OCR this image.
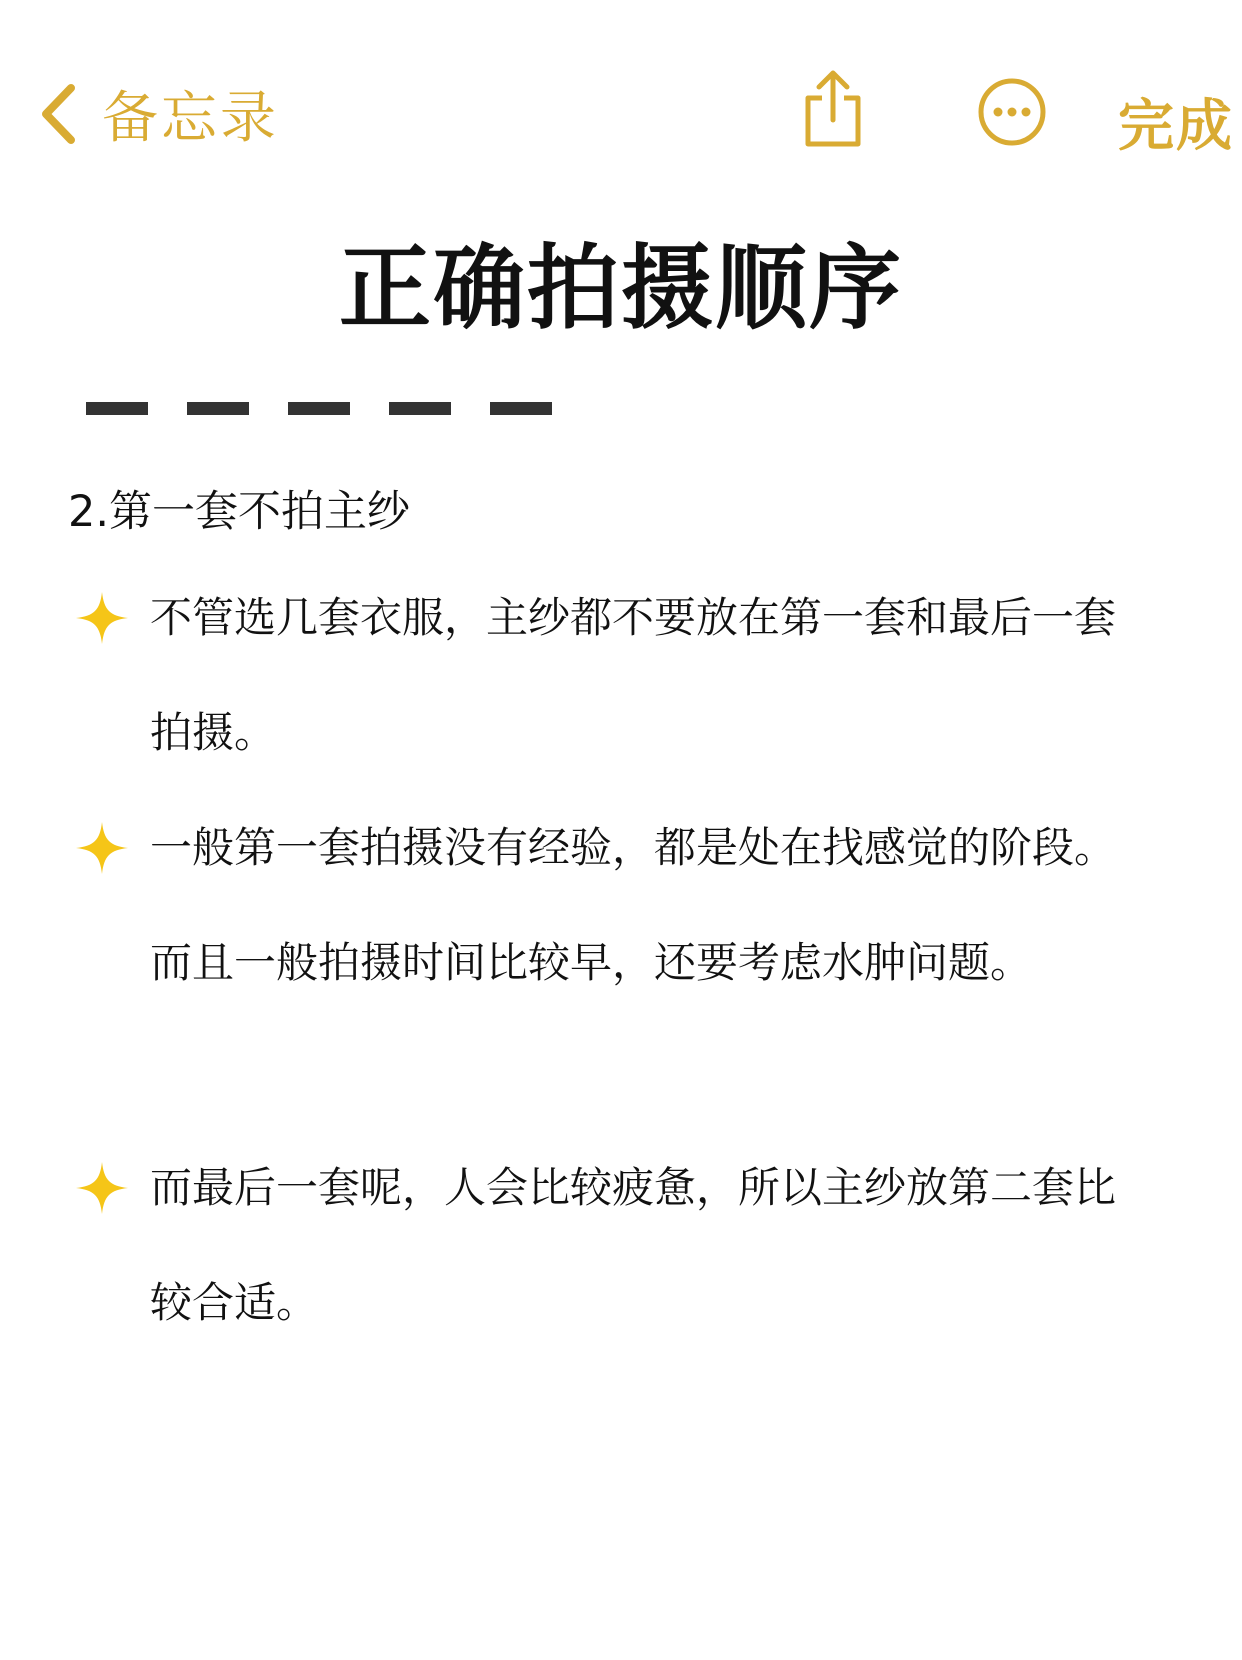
备忘录	完成
正确拍摄顺序

2.第一套不拍主纱

不管选几套衣服，主纱都不要放在第一套和最后一套拍摄。

一般第一套拍摄没有经验，都是处在找感觉的阶段。而且一般拍摄时间比较早，还要考虑水肿问题。

而最后一套呢，人会比较疲惫，所以主纱放第二套比较合适。
